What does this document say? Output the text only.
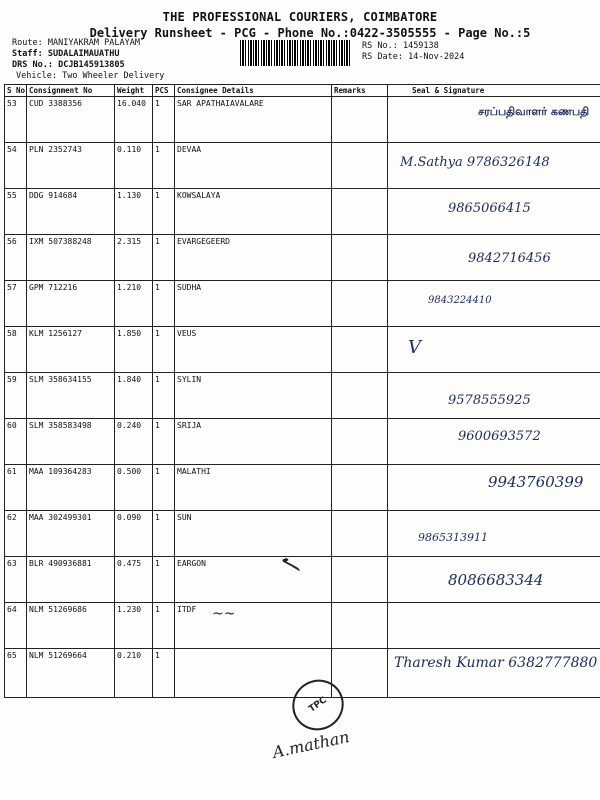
THE PROFESSIONAL COURIERS, COIMBATORE
Delivery Runsheet - PCG - Phone No.:0422-3505555 - Page No.:5
Route: MANIYAKRAM PALAYAM
Staff: SUDALAIMAUATHU
DRS No.: DCJB145913805
Vehicle: Two Wheeler Delivery
RS No.: 1459138
RS Date: 14-Nov-2024
S No	Consignment No	Weight	PCS	Consignee Details	Remarks	Seal & Signature
53	CUD 3388356	16.040	1	SAR APATHAIAVALARE		சரப்பதிவாளர் கணபதி

54	PLN 2352743	0.110	1	DEVAA		M.Sathya 9786326148

55	DDG 914684	1.130	1	KOWSALAYA		9865066415

56	IXM 507388248	2.315	1	EVARGEGEERD		9842716456

57	GPM 712216	1.210	1	SUDHA		9843224410

58	KLM 1256127	1.850	1	VEUS		V

59	SLM 358634155	1.840	1	SYLIN		9578555925

60	SLM 358583498	0.240	1	SRIJA		9600693572

61	MAA 109364283	0.500	1	MALATHI		9943760399

62	MAA 302499301	0.090	1	SUN		9865313911

63	BLR 490936881	0.475	1	EARGON		8086683344

64	NLM 51269686	1.230	1	ITDF		

65	NLM 51269664	0.210	1			Tharesh Kumar 6382777880
✓
~~
TPC
A.mathan
